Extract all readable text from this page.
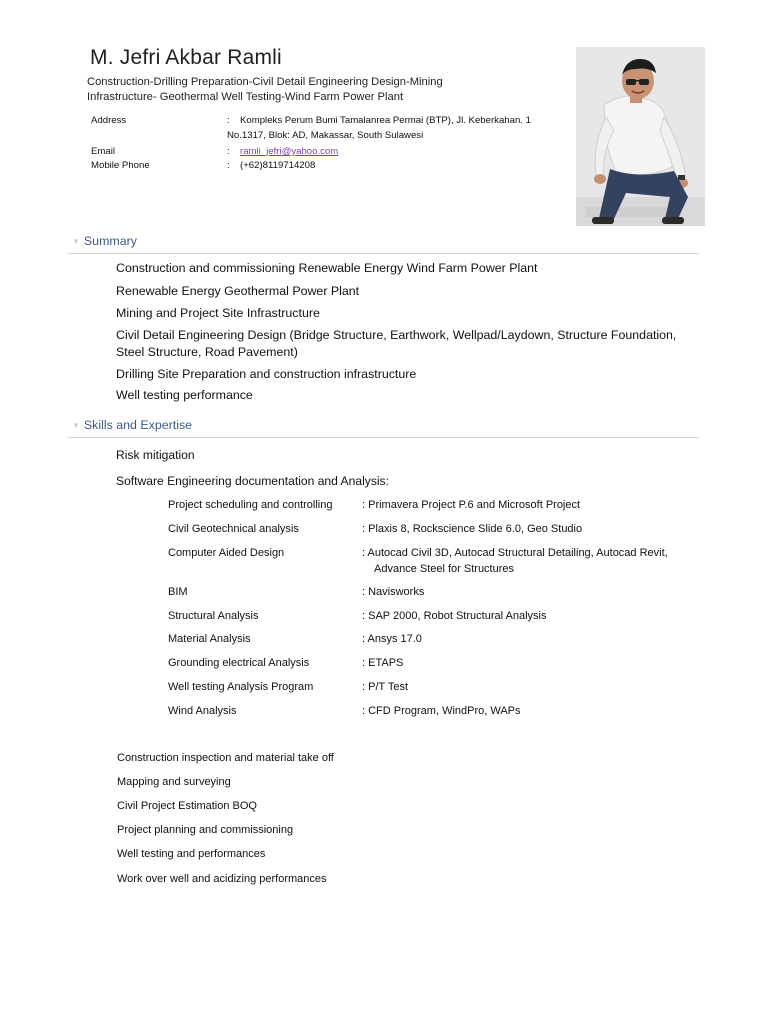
M. Jefri Akbar Ramli
Construction-Drilling Preparation-Civil Detail Engineering Design-Mining
Infrastructure- Geothermal Well Testing-Wind Farm Power Plant
Address	: Kompleks Perum Bumi Tamalanrea Permai (BTP), Jl. Keberkahan. 1
No.1317, Blok: AD, Makassar, South Sulawesi
Email	: ramli_jefri@yahoo.com
Mobile Phone	: (+62)8119714208
▼ Summary
Construction and commissioning Renewable Energy Wind Farm Power Plant
Renewable Energy Geothermal Power Plant
Mining and Project Site Infrastructure
Civil Detail Engineering Design (Bridge Structure, Earthwork, Wellpad/Laydown, Structure Foundation, Steel Structure, Road Pavement)
Drilling Site Preparation and construction infrastructure
Well testing performance
▼ Skills and Expertise
Risk mitigation
Software Engineering documentation and Analysis:
Project scheduling and controlling	: Primavera Project P.6 and Microsoft Project
Civil Geotechnical analysis	: Plaxis 8, Rockscience Slide 6.0, Geo Studio
Computer Aided Design	: Autocad Civil 3D, Autocad Structural Detailing, Autocad Revit,
Advance Steel for Structures
BIM	: Navisworks
Structural Analysis	: SAP 2000, Robot Structural Analysis
Material Analysis	: Ansys 17.0
Grounding electrical Analysis	: ETAPS
Well testing Analysis Program	: P/T Test
Wind Analysis	: CFD Program, WindPro, WAPs
Construction inspection and material take off
Mapping and surveying
Civil Project Estimation BOQ
Project planning and commissioning
Well testing and performances
Work over well and acidizing performances
